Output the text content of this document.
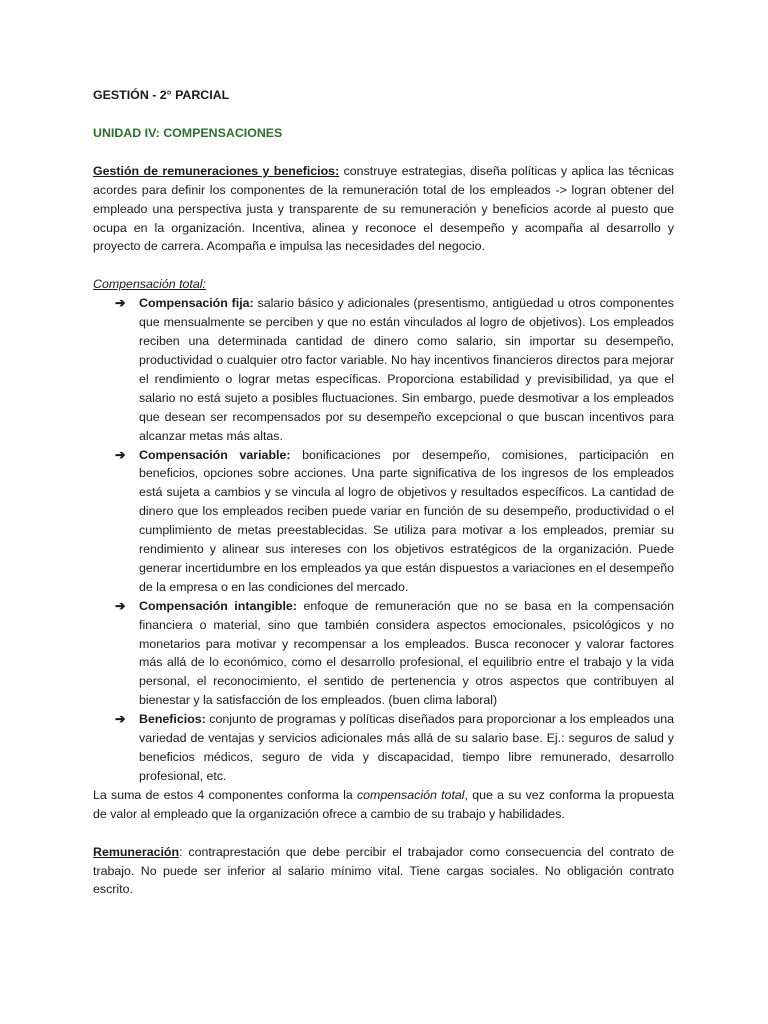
GESTIÓN - 2° PARCIAL

UNIDAD IV: COMPENSACIONES

Gestión de remuneraciones y beneficios: construye estrategias, diseña políticas y aplica las técnicas acordes para definir los componentes de la remuneración total de los empleados -> logran obtener del empleado una perspectiva justa y transparente de su remuneración y beneficios acorde al puesto que ocupa en la organización. Incentiva, alinea y reconoce el desempeño y acompaña al desarrollo y proyecto de carrera. Acompaña e impulsa las necesidades del negocio.

Compensación total:

➔ Compensación fija: salario básico y adicionales (presentismo, antigüedad u otros componentes que mensualmente se perciben y que no están vinculados al logro de objetivos). Los empleados reciben una determinada cantidad de dinero como salario, sin importar su desempeño, productividad o cualquier otro factor variable. No hay incentivos financieros directos para mejorar el rendimiento o lograr metas específicas. Proporciona estabilidad y previsibilidad, ya que el salario no está sujeto a posibles fluctuaciones. Sin embargo, puede desmotivar a los empleados que desean ser recompensados por su desempeño excepcional o que buscan incentivos para alcanzar metas más altas.
➔ Compensación variable: bonificaciones por desempeño, comisiones, participación en beneficios, opciones sobre acciones. Una parte significativa de los ingresos de los empleados está sujeta a cambios y se vincula al logro de objetivos y resultados específicos. La cantidad de dinero que los empleados reciben puede variar en función de su desempeño, productividad o el cumplimiento de metas preestablecidas. Se utiliza para motivar a los empleados, premiar su rendimiento y alinear sus intereses con los objetivos estratégicos de la organización. Puede generar incertidumbre en los empleados ya que están dispuestos a variaciones en el desempeño de la empresa o en las condiciones del mercado.
➔ Compensación intangible: enfoque de remuneración que no se basa en la compensación financiera o material, sino que también considera aspectos emocionales, psicológicos y no monetarios para motivar y recompensar a los empleados. Busca reconocer y valorar factores más allá de lo económico, como el desarrollo profesional, el equilibrio entre el trabajo y la vida personal, el reconocimiento, el sentido de pertenencia y otros aspectos que contribuyen al bienestar y la satisfacción de los empleados. (buen clima laboral)
➔ Beneficios: conjunto de programas y políticas diseñados para proporcionar a los empleados una variedad de ventajas y servicios adicionales más allá de su salario base. Ej.: seguros de salud y beneficios médicos, seguro de vida y discapacidad, tiempo libre remunerado, desarrollo profesional, etc.

La suma de estos 4 componentes conforma la compensación total, que a su vez conforma la propuesta de valor al empleado que la organización ofrece a cambio de su trabajo y habilidades.

Remuneración: contraprestación que debe percibir el trabajador como consecuencia del contrato de trabajo. No puede ser inferior al salario mínimo vital. Tiene cargas sociales. No obligación contrato escrito.
